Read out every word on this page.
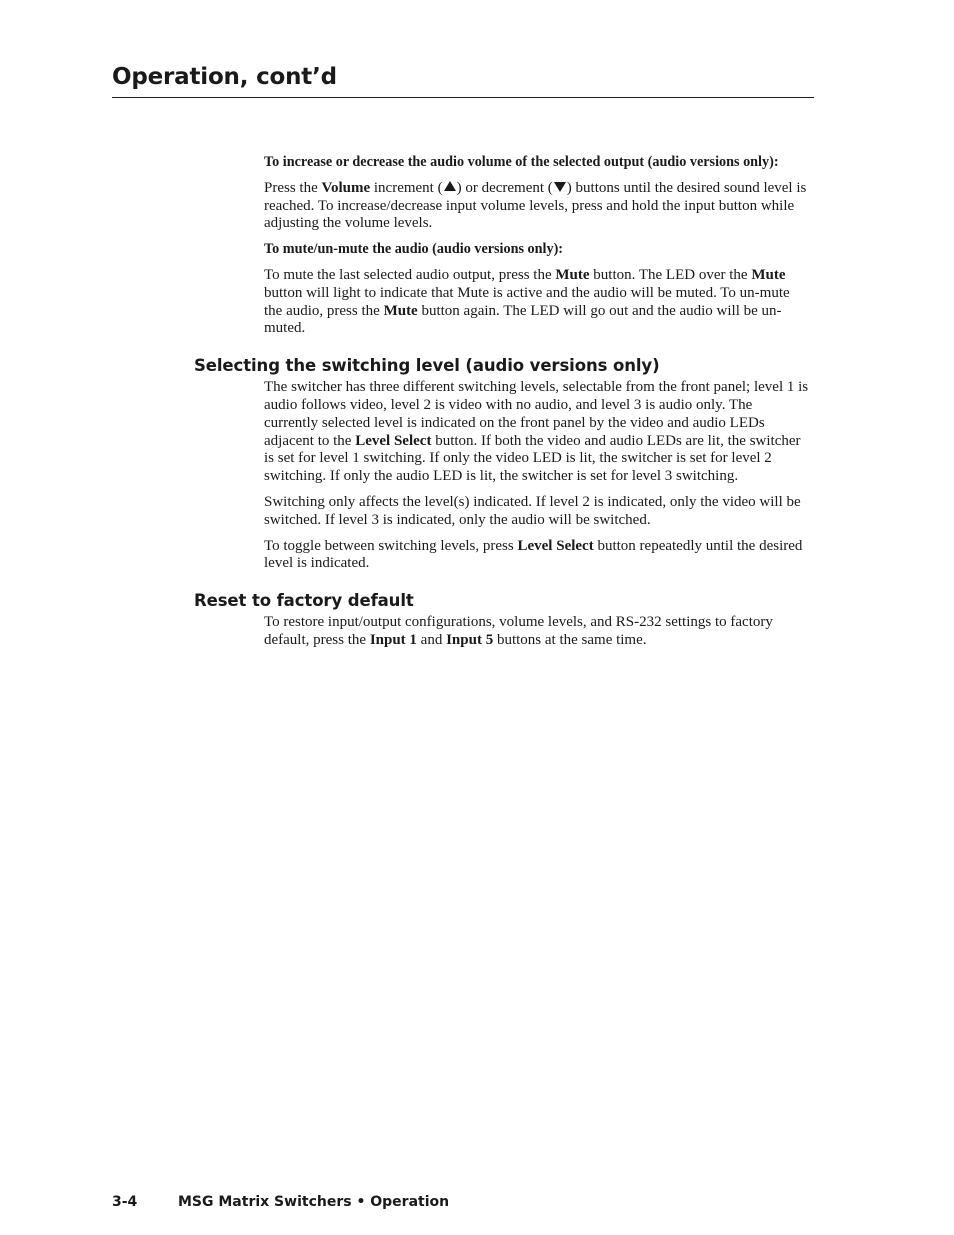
Operation, cont’d
To increase or decrease the audio volume of the selected output (audio versions only):

Press the Volume increment ( ) or decrement ( ) buttons until the desired sound level is reached. To increase/decrease input volume levels, press and hold the input button while adjusting the volume levels.

To mute/un-mute the audio (audio versions only):

To mute the last selected audio output, press the Mute button. The LED over the Mute button will light to indicate that Mute is active and the audio will be muted. To un-mute the audio, press the Mute button again. The LED will go out and the audio will be un-muted.

Selecting the switching level (audio versions only)

The switcher has three different switching levels, selectable from the front panel; level 1 is audio follows video, level 2 is video with no audio, and level 3 is audio only. The currently selected level is indicated on the front panel by the video and audio LEDs adjacent to the Level Select button. If both the video and audio LEDs are lit, the switcher is set for level 1 switching. If only the video LED is lit, the switcher is set for level 2 switching. If only the audio LED is lit, the switcher is set for level 3 switching.

Switching only affects the level(s) indicated. If level 2 is indicated, only the video will be switched. If level 3 is indicated, only the audio will be switched.

To toggle between switching levels, press Level Select button repeatedly until the desired level is indicated.

Reset to factory default

To restore input/output configurations, volume levels, and RS-232 settings to factory default, press the Input 1 and Input 5 buttons at the same time.

3-4	MSG Matrix Switchers • Operation
